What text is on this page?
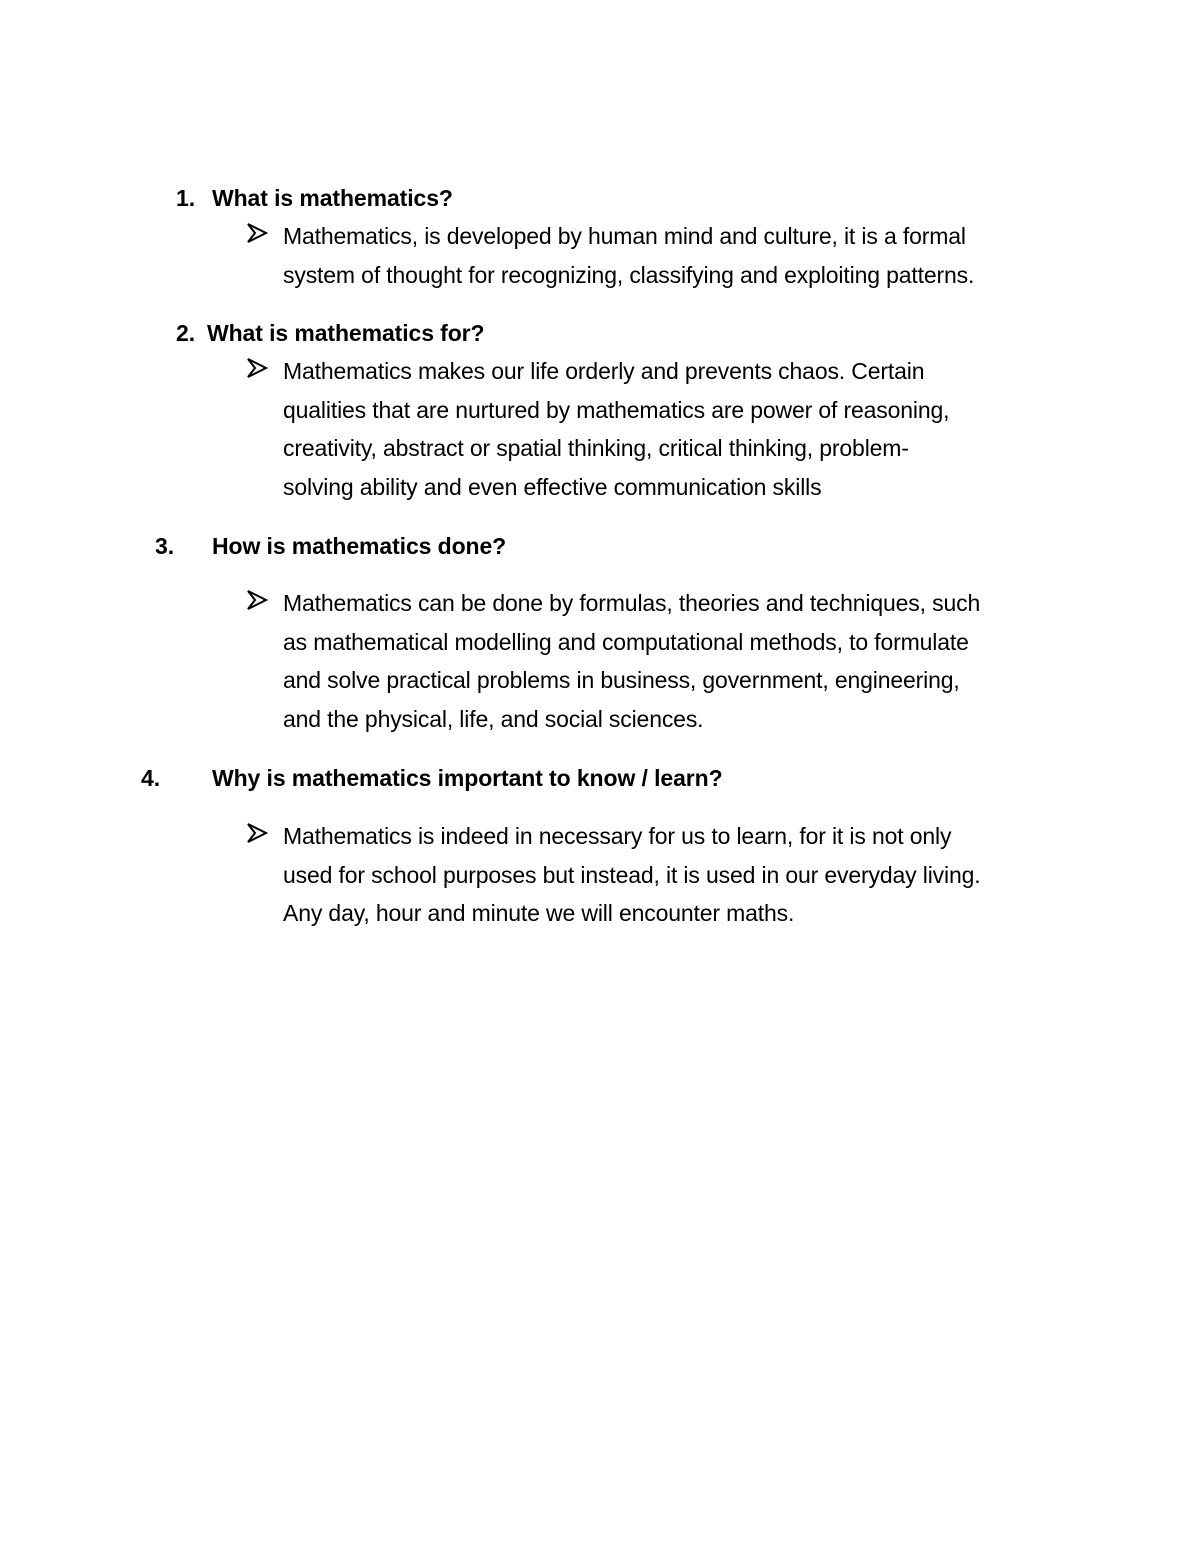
1. What is mathematics?
Mathematics, is developed by human mind and culture, it is a formal
system of thought for recognizing, classifying and exploiting patterns.
2. What is mathematics for?
Mathematics makes our life orderly and prevents chaos. Certain
qualities that are nurtured by mathematics are power of reasoning,
creativity, abstract or spatial thinking, critical thinking, problem-
solving ability and even effective communication skills
3. How is mathematics done?
Mathematics can be done by formulas, theories and techniques, such
as mathematical modelling and computational methods, to formulate
and solve practical problems in business, government, engineering,
and the physical, life, and social sciences.
4. Why is mathematics important to know / learn?
Mathematics is indeed in necessary for us to learn, for it is not only
used for school purposes but instead, it is used in our everyday living.
Any day, hour and minute we will encounter maths.
